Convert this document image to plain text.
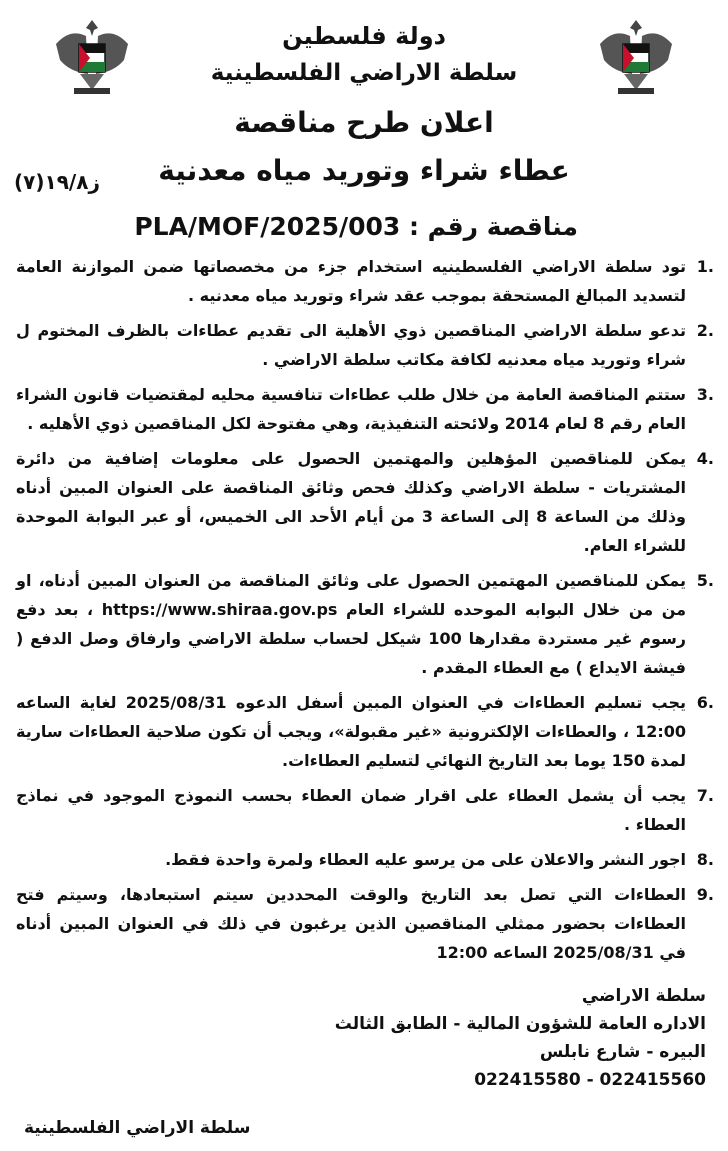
دولة فلسطين
سلطة الاراضي الفلسطينية
اعلان طرح مناقصة
عطاء شراء وتوريد مياه معدنية
ز١٩/٨(٧)
مناقصة رقم : PLA/MOF/2025/003
1.
تود سلطة الاراضي الفلسطينيه استخدام جزء من مخصصاتها ضمن الموازنة العامة لتسديد المبالغ المستحقة بموجب عقد شراء وتوريد مياه معدنيه .
2.
تدعو سلطة الاراضي المناقصين ذوي الأهلية الى تقديم عطاءات بالظرف المختوم ل شراء وتوريد مياه معدنيه لكافة مكاتب سلطة الاراضي .
3.
ستتم المناقصة العامة من خلال طلب عطاءات تنافسية محليه لمقتضيات قانون الشراء العام رقم 8 لعام 2014 ولائحته التنفيذية، وهي مفتوحة لكل المناقصين ذوي الأهليه .
4.
يمكن للمناقصين المؤهلين والمهتمين الحصول على معلومات إضافية من دائرة المشتريات - سلطة الاراضي وكذلك فحص وثائق المناقصة على العنوان المبين أدناه وذلك من الساعة 8 إلى الساعة 3 من أيام الأحد الى الخميس، أو عبر البوابة الموحدة للشراء العام.
5.
يمكن للمناقصين المهتمين الحصول على وثائق المناقصة من العنوان المبين أدناه، او من من خلال البوابه الموحده للشراء العام https://www.shiraa.gov.ps ، بعد دفع رسوم غير مستردة مقدارها 100 شيكل لحساب سلطة الاراضي وارفاق وصل الدفع ( فيشة الايداع ) مع العطاء المقدم .
6.
يجب تسليم العطاءات في العنوان المبين أسفل الدعوه 2025/08/31 لغاية الساعه 12:00 ، والعطاءات الإلكترونية «غير مقبولة»، ويجب أن تكون صلاحية العطاءات سارية لمدة 150 يوما بعد التاريخ النهائي لتسليم العطاءات.
7.
يجب أن يشمل العطاء على اقرار ضمان العطاء بحسب النموذج الموجود في نماذج العطاء .
8.
اجور النشر والاعلان على من يرسو عليه العطاء ولمرة واحدة فقط.
9.
العطاءات التي تصل بعد التاريخ والوقت المحددين سيتم استبعادها، وسيتم فتح العطاءات بحضور ممثلي المناقصين الذين يرغبون في ذلك في العنوان المبين أدناه في 2025/08/31 الساعه 12:00
سلطة الاراضي
الاداره العامة للشؤون المالية - الطابق الثالث
البيره - شارع نابلس
022415580 - 022415560
سلطة الاراضي الفلسطينية
